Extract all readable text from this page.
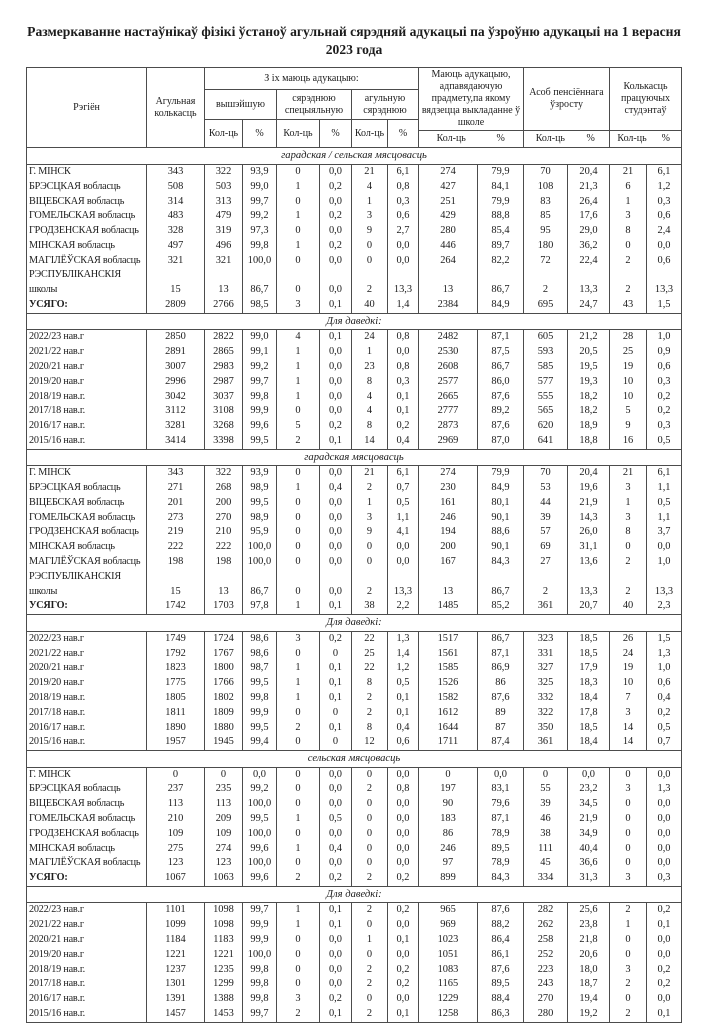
Размеркаванне настаўнікаў фізікі ўстаноў агульнай сярэдняй адукацыі па ўзроўню адукацыі на 1 верасня 2023 года
Рэгіён	Агульная колькасць	З іх маюць адукацыю:						Маюць адукацыю, адпавядаючую прадмету,па якому вядзецца выкладанне ў школе		Асоб пенсіённага ўзросту		Колькасць працуючых студэнтаў	
		вышэйшую		сярэднюю спецыяльную		агульную сярэднюю							
		Кол-ць	%	Кол-ць	%	Кол-ць	%						
								Кол-ць %		Кол-ць %		Кол-ць %	
гарадская / сельская мясцовасць													
Г. МІНСК	343	322	93,9	0	0,0	21	6,1	274	79,9	70	20,4	21	6,1
БРЭСЦКАЯ вобласць	508	503	99,0	1	0,2	4	0,8	427	84,1	108	21,3	6	1,2
ВІЦЕБСКАЯ вобласць	314	313	99,7	0	0,0	1	0,3	251	79,9	83	26,4	1	0,3
ГОМЕЛЬСКАЯ вобласць	483	479	99,2	1	0,2	3	0,6	429	88,8	85	17,6	3	0,6
ГРОДЗЕНСКАЯ вобласць	328	319	97,3	0	0,0	9	2,7	280	85,4	95	29,0	8	2,4
МІНСКАЯ вобласць	497	496	99,8	1	0,2	0	0,0	446	89,7	180	36,2	0	0,0
МАГІЛЁЎСКАЯ вобласць	321	321	100,0	0	0,0	0	0,0	264	82,2	72	22,4	2	0,6
РЭСПУБЛІКАНСКІЯ школы	15	13	86,7	0	0,0	2	13,3	13	86,7	2	13,3	2	13,3
УСЯГО:	2809	2766	98,5	3	0,1	40	1,4	2384	84,9	695	24,7	43	1,5
Для даведкі:													
2022/23 нав.г	2850	2822	99,0	4	0,1	24	0,8	2482	87,1	605	21,2	28	1,0
2021/22 нав.г	2891	2865	99,1	1	0,0	1	0,0	2530	87,5	593	20,5	25	0,9
2020/21 нав.г	3007	2983	99,2	1	0,0	23	0,8	2608	86,7	585	19,5	19	0,6
2019/20 нав.г	2996	2987	99,7	1	0,0	8	0,3	2577	86,0	577	19,3	10	0,3
2018/19 нав.г.	3042	3037	99,8	1	0,0	4	0,1	2665	87,6	555	18,2	10	0,2
2017/18 нав.г.	3112	3108	99,9	0	0,0	4	0,1	2777	89,2	565	18,2	5	0,2
2016/17 нав.г.	3281	3268	99,6	5	0,2	8	0,2	2873	87,6	620	18,9	9	0,3
2015/16 нав.г.	3414	3398	99,5	2	0,1	14	0,4	2969	87,0	641	18,8	16	0,5
гарадская мясцовасць													
Г. МІНСК	343	322	93,9	0	0,0	21	6,1	274	79,9	70	20,4	21	6,1
БРЭСЦКАЯ вобласць	271	268	98,9	1	0,4	2	0,7	230	84,9	53	19,6	3	1,1
ВІЦЕБСКАЯ вобласць	201	200	99,5	0	0,0	1	0,5	161	80,1	44	21,9	1	0,5
ГОМЕЛЬСКАЯ вобласць	273	270	98,9	0	0,0	3	1,1	246	90,1	39	14,3	3	1,1
ГРОДЗЕНСКАЯ вобласць	219	210	95,9	0	0,0	9	4,1	194	88,6	57	26,0	8	3,7
МІНСКАЯ вобласць	222	222	100,0	0	0,0	0	0,0	200	90,1	69	31,1	0	0,0
МАГІЛЁЎСКАЯ вобласць	198	198	100,0	0	0,0	0	0,0	167	84,3	27	13,6	2	1,0
РЭСПУБЛІКАНСКІЯ школы	15	13	86,7	0	0,0	2	13,3	13	86,7	2	13,3	2	13,3
УСЯГО:	1742	1703	97,8	1	0,1	38	2,2	1485	85,2	361	20,7	40	2,3
Для даведкі:													
2022/23 нав.г	1749	1724	98,6	3	0,2	22	1,3	1517	86,7	323	18,5	26	1,5
2021/22 нав.г	1792	1767	98,6	0	0	25	1,4	1561	87,1	331	18,5	24	1,3
2020/21 нав.г	1823	1800	98,7	1	0,1	22	1,2	1585	86,9	327	17,9	19	1,0
2019/20 нав.г	1775	1766	99,5	1	0,1	8	0,5	1526	86	325	18,3	10	0,6
2018/19 нав.г.	1805	1802	99,8	1	0,1	2	0,1	1582	87,6	332	18,4	7	0,4
2017/18 нав.г.	1811	1809	99,9	0	0	2	0,1	1612	89	322	17,8	3	0,2
2016/17 нав.г.	1890	1880	99,5	2	0,1	8	0,4	1644	87	350	18,5	14	0,5
2015/16 нав.г.	1957	1945	99,4	0	0	12	0,6	1711	87,4	361	18,4	14	0,7
сельская мясцовасць													
Г. МІНСК	0	0	0,0	0	0,0	0	0,0	0	0,0	0	0,0	0	0,0
БРЭСЦКАЯ вобласць	237	235	99,2	0	0,0	2	0,8	197	83,1	55	23,2	3	1,3
ВІЦЕБСКАЯ вобласць	113	113	100,0	0	0,0	0	0,0	90	79,6	39	34,5	0	0,0
ГОМЕЛЬСКАЯ вобласць	210	209	99,5	1	0,5	0	0,0	183	87,1	46	21,9	0	0,0
ГРОДЗЕНСКАЯ вобласць	109	109	100,0	0	0,0	0	0,0	86	78,9	38	34,9	0	0,0
МІНСКАЯ вобласць	275	274	99,6	1	0,4	0	0,0	246	89,5	111	40,4	0	0,0
МАГІЛЁЎСКАЯ вобласць	123	123	100,0	0	0,0	0	0,0	97	78,9	45	36,6	0	0,0
УСЯГО:	1067	1063	99,6	2	0,2	2	0,2	899	84,3	334	31,3	3	0,3
Для даведкі:													
2022/23 нав.г	1101	1098	99,7	1	0,1	2	0,2	965	87,6	282	25,6	2	0,2
2021/22 нав.г	1099	1098	99,9	1	0,1	0	0,0	969	88,2	262	23,8	1	0,1
2020/21 нав.г	1184	1183	99,9	0	0,0	1	0,1	1023	86,4	258	21,8	0	0,0
2019/20 нав.г	1221	1221	100,0	0	0,0	0	0,0	1051	86,1	252	20,6	0	0,0
2018/19 нав.г.	1237	1235	99,8	0	0,0	2	0,2	1083	87,6	223	18,0	3	0,2
2017/18 нав.г.	1301	1299	99,8	0	0,0	2	0,2	1165	89,5	243	18,7	2	0,2
2016/17 нав.г.	1391	1388	99,8	3	0,2	0	0,0	1229	88,4	270	19,4	0	0,0
2015/16 нав.г.	1457	1453	99,7	2	0,1	2	0,1	1258	86,3	280	19,2	2	0,1
